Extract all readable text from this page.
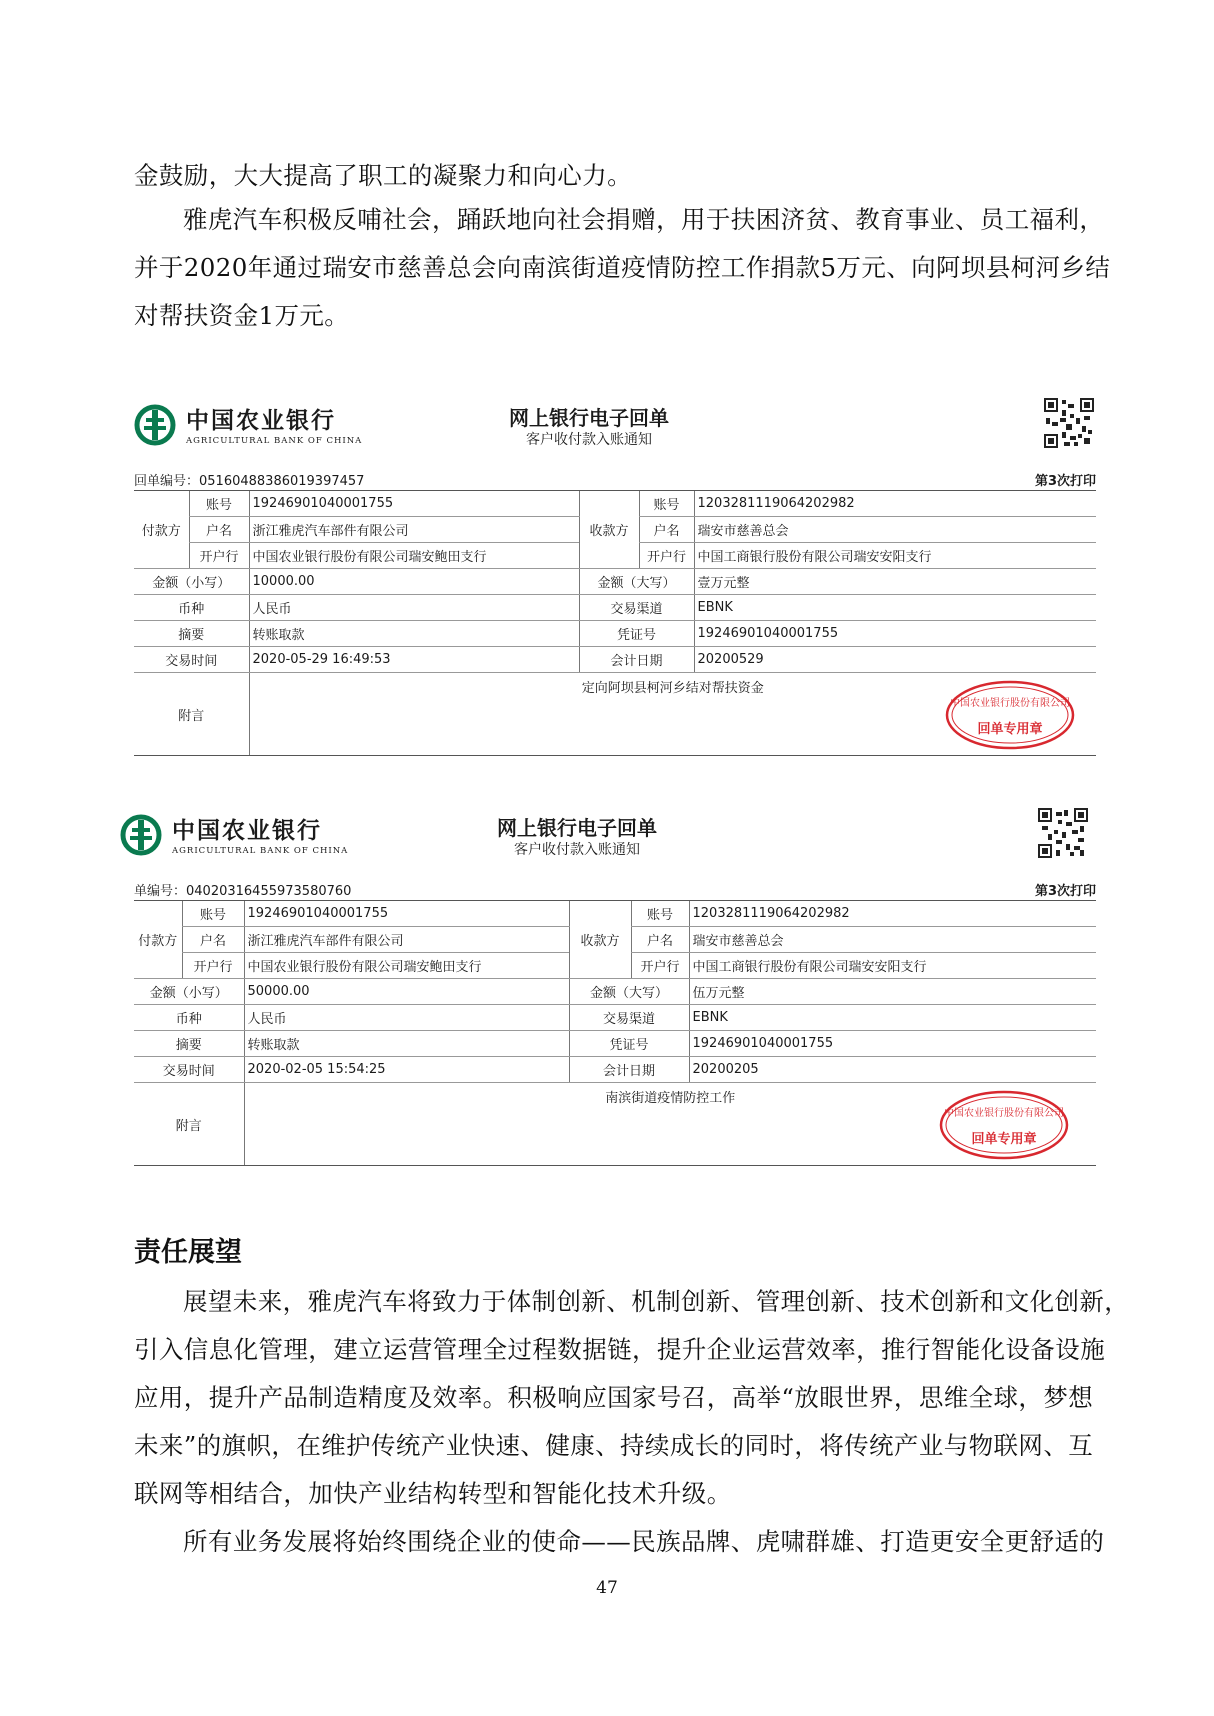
金鼓励，大大提高了职工的凝聚力和向心力。
雅虎汽车积极反哺社会，踊跃地向社会捐赠，用于扶困济贫、教育事业、员工福利，
并于2020年通过瑞安市慈善总会向南滨街道疫情防控工作捐款5万元、向阿坝县柯河乡结
对帮扶资金1万元。
中国农业银行
AGRICULTURAL BANK OF CHINA
网上银行电子回单
客户收付款入账通知
回单编号：05160488386019397457	第3次打印
付款方	账号	19246901040001755	收款方	账号	1203281119064202982
	户名	浙江雅虎汽车部件有限公司		户名	瑞安市慈善总会
	开户行	中国农业银行股份有限公司瑞安鲍田支行		开户行	中国工商银行股份有限公司瑞安安阳支行
金额（小写）		10000.00	金额（大写）		壹万元整
币种		人民币	交易渠道		EBNK
摘要		转账取款	凭证号		19246901040001755
交易时间		2020-05-29 16:49:53	会计日期		20200529
附言		定向阿坝县柯河乡结对帮扶资金
中国农业银行股份有限公司
回单专用章			
中国农业银行
AGRICULTURAL BANK OF CHINA
网上银行电子回单
客户收付款入账通知
单编号：04020316455973580760	第3次打印
付款方	账号	19246901040001755	收款方	账号	1203281119064202982
	户名	浙江雅虎汽车部件有限公司		户名	瑞安市慈善总会
	开户行	中国农业银行股份有限公司瑞安鲍田支行		开户行	中国工商银行股份有限公司瑞安安阳支行
金额（小写）		50000.00	金额（大写）		伍万元整
币种		人民币	交易渠道		EBNK
摘要		转账取款	凭证号		19246901040001755
交易时间		2020-02-05 15:54:25	会计日期		20200205
附言		南滨街道疫情防控工作
中国农业银行股份有限公司
回单专用章			
责任展望
展望未来，雅虎汽车将致力于体制创新、机制创新、管理创新、技术创新和文化创新，
引入信息化管理，建立运营管理全过程数据链，提升企业运营效率，推行智能化设备设施
应用，提升产品制造精度及效率。积极响应国家号召，高举“放眼世界，思维全球，梦想
未来”的旗帜，在维护传统产业快速、健康、持续成长的同时，将传统产业与物联网、互
联网等相结合，加快产业结构转型和智能化技术升级。
所有业务发展将始终围绕企业的使命——民族品牌、虎啸群雄、打造更安全更舒适的
47
